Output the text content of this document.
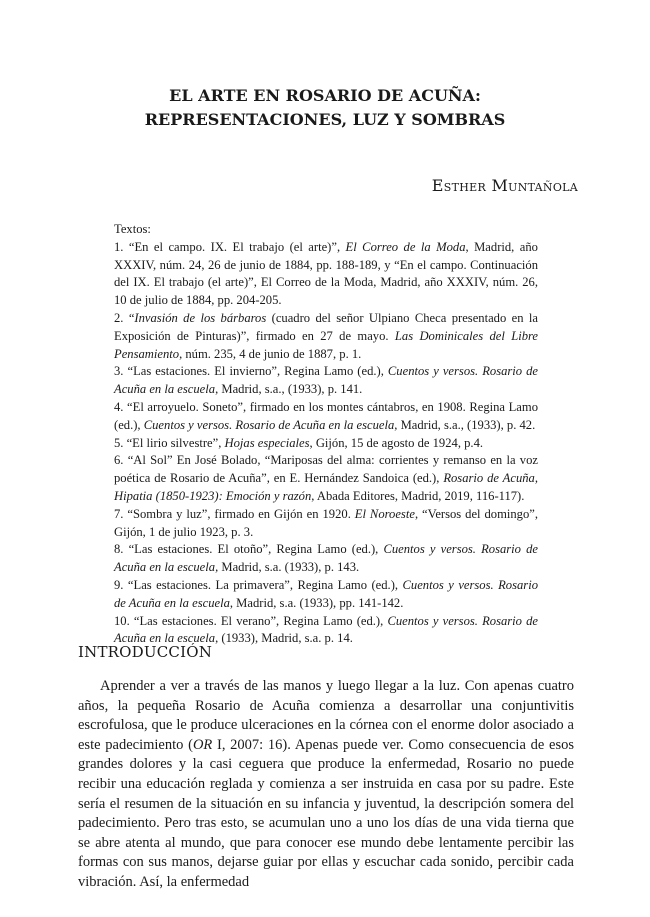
EL ARTE EN ROSARIO DE ACUÑA: REPRESENTACIONES, LUZ Y SOMBRAS
Esther Muntañola
Textos:
1. “En el campo. IX. El trabajo (el arte)”, El Correo de la Moda, Madrid, año XXXIV, núm. 24, 26 de junio de 1884, pp. 188-189, y “En el campo. Continuación del IX. El trabajo (el arte)”, El Correo de la Moda, Madrid, año XXXIV, núm. 26, 10 de julio de 1884, pp. 204-205.
2. “Invasión de los bárbaros (cuadro del señor Ulpiano Checa presentado en la Exposición de Pinturas)”, firmado en 27 de mayo. Las Dominicales del Libre Pensamiento, núm. 235, 4 de junio de 1887, p. 1.
3. “Las estaciones. El invierno”, Regina Lamo (ed.), Cuentos y versos. Rosario de Acuña en la escuela, Madrid, s.a., (1933), p. 141.
4. “El arroyuelo. Soneto”, firmado en los montes cántabros, en 1908. Regina Lamo (ed.), Cuentos y versos. Rosario de Acuña en la escuela, Madrid, s.a., (1933), p. 42.
5. “El lirio silvestre”, Hojas especiales, Gijón, 15 de agosto de 1924, p.4.
6. “Al Sol” En José Bolado, “Mariposas del alma: corrientes y remanso en la voz poética de Rosario de Acuña”, en E. Hernández Sandoica (ed.), Rosario de Acuña, Hipatia (1850-1923): Emoción y razón, Abada Editores, Madrid, 2019, 116-117).
7. “Sombra y luz”, firmado en Gijón en 1920. El Noroeste, “Versos del domingo”, Gijón, 1 de julio 1923, p. 3.
8. “Las estaciones. El otoño”, Regina Lamo (ed.), Cuentos y versos. Rosario de Acuña en la escuela, Madrid, s.a. (1933), p. 143.
9. “Las estaciones. La primavera”, Regina Lamo (ed.), Cuentos y versos. Rosario de Acuña en la escuela, Madrid, s.a. (1933), pp. 141-142.
10. “Las estaciones. El verano”, Regina Lamo (ed.), Cuentos y versos. Rosario de Acuña en la escuela, (1933), Madrid, s.a. p. 14.
INTRODUCCIÓN

Aprender a ver a través de las manos y luego llegar a la luz. Con apenas cuatro años, la pequeña Rosario de Acuña comienza a desarrollar una conjuntivitis escrofulosa, que le produce ulceraciones en la córnea con el enorme dolor asociado a este padecimiento (OR I, 2007: 16). Apenas puede ver. Como consecuencia de esos grandes dolores y la casi ceguera que produce la enfermedad, Rosario no puede recibir una educación reglada y comienza a ser instruida en casa por su padre. Este sería el resumen de la situación en su infancia y juventud, la descripción somera del padecimiento. Pero tras esto, se acumulan uno a uno los días de una vida tierna que se abre atenta al mundo, que para conocer ese mundo debe lentamente percibir las formas con sus manos, dejarse guiar por ellas y escuchar cada sonido, percibir cada vibración. Así, la enfermedad
